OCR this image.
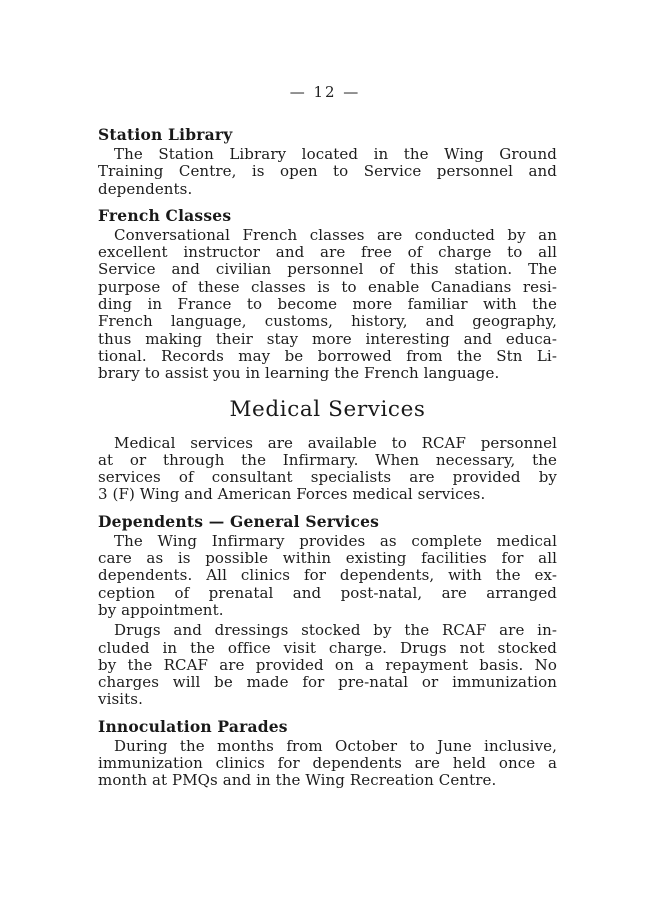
— 12 —
Station Library
The Station Library located in the Wing Ground
Training Centre, is open to Service personnel and
dependents.
French Classes
Conversational French classes are conducted by an
excellent instructor and are free of charge to all
Service and civilian personnel of this station. The
purpose of these classes is to enable Canadians resi-
ding in France to become more familiar with the
French language, customs, history, and geography,
thus making their stay more interesting and educa-
tional. Records may be borrowed from the Stn Li-
brary to assist you in learning the French language.
Medical Services
Medical services are available to RCAF personnel
at or through the Infirmary. When necessary, the
services of consultant specialists are provided by
3 (F) Wing and American Forces medical services.
Dependents — General Services
The Wing Infirmary provides as complete medical
care as is possible within existing facilities for all
dependents. All clinics for dependents, with the ex-
ception of prenatal and post-natal, are arranged
by appointment.
Drugs and dressings stocked by the RCAF are in-
cluded in the office visit charge. Drugs not stocked
by the RCAF are provided on a repayment basis. No
charges will be made for pre-natal or immunization
visits.
Innoculation Parades
During the months from October to June inclusive,
immunization clinics for dependents are held once a
month at PMQs and in the Wing Recreation Centre.
